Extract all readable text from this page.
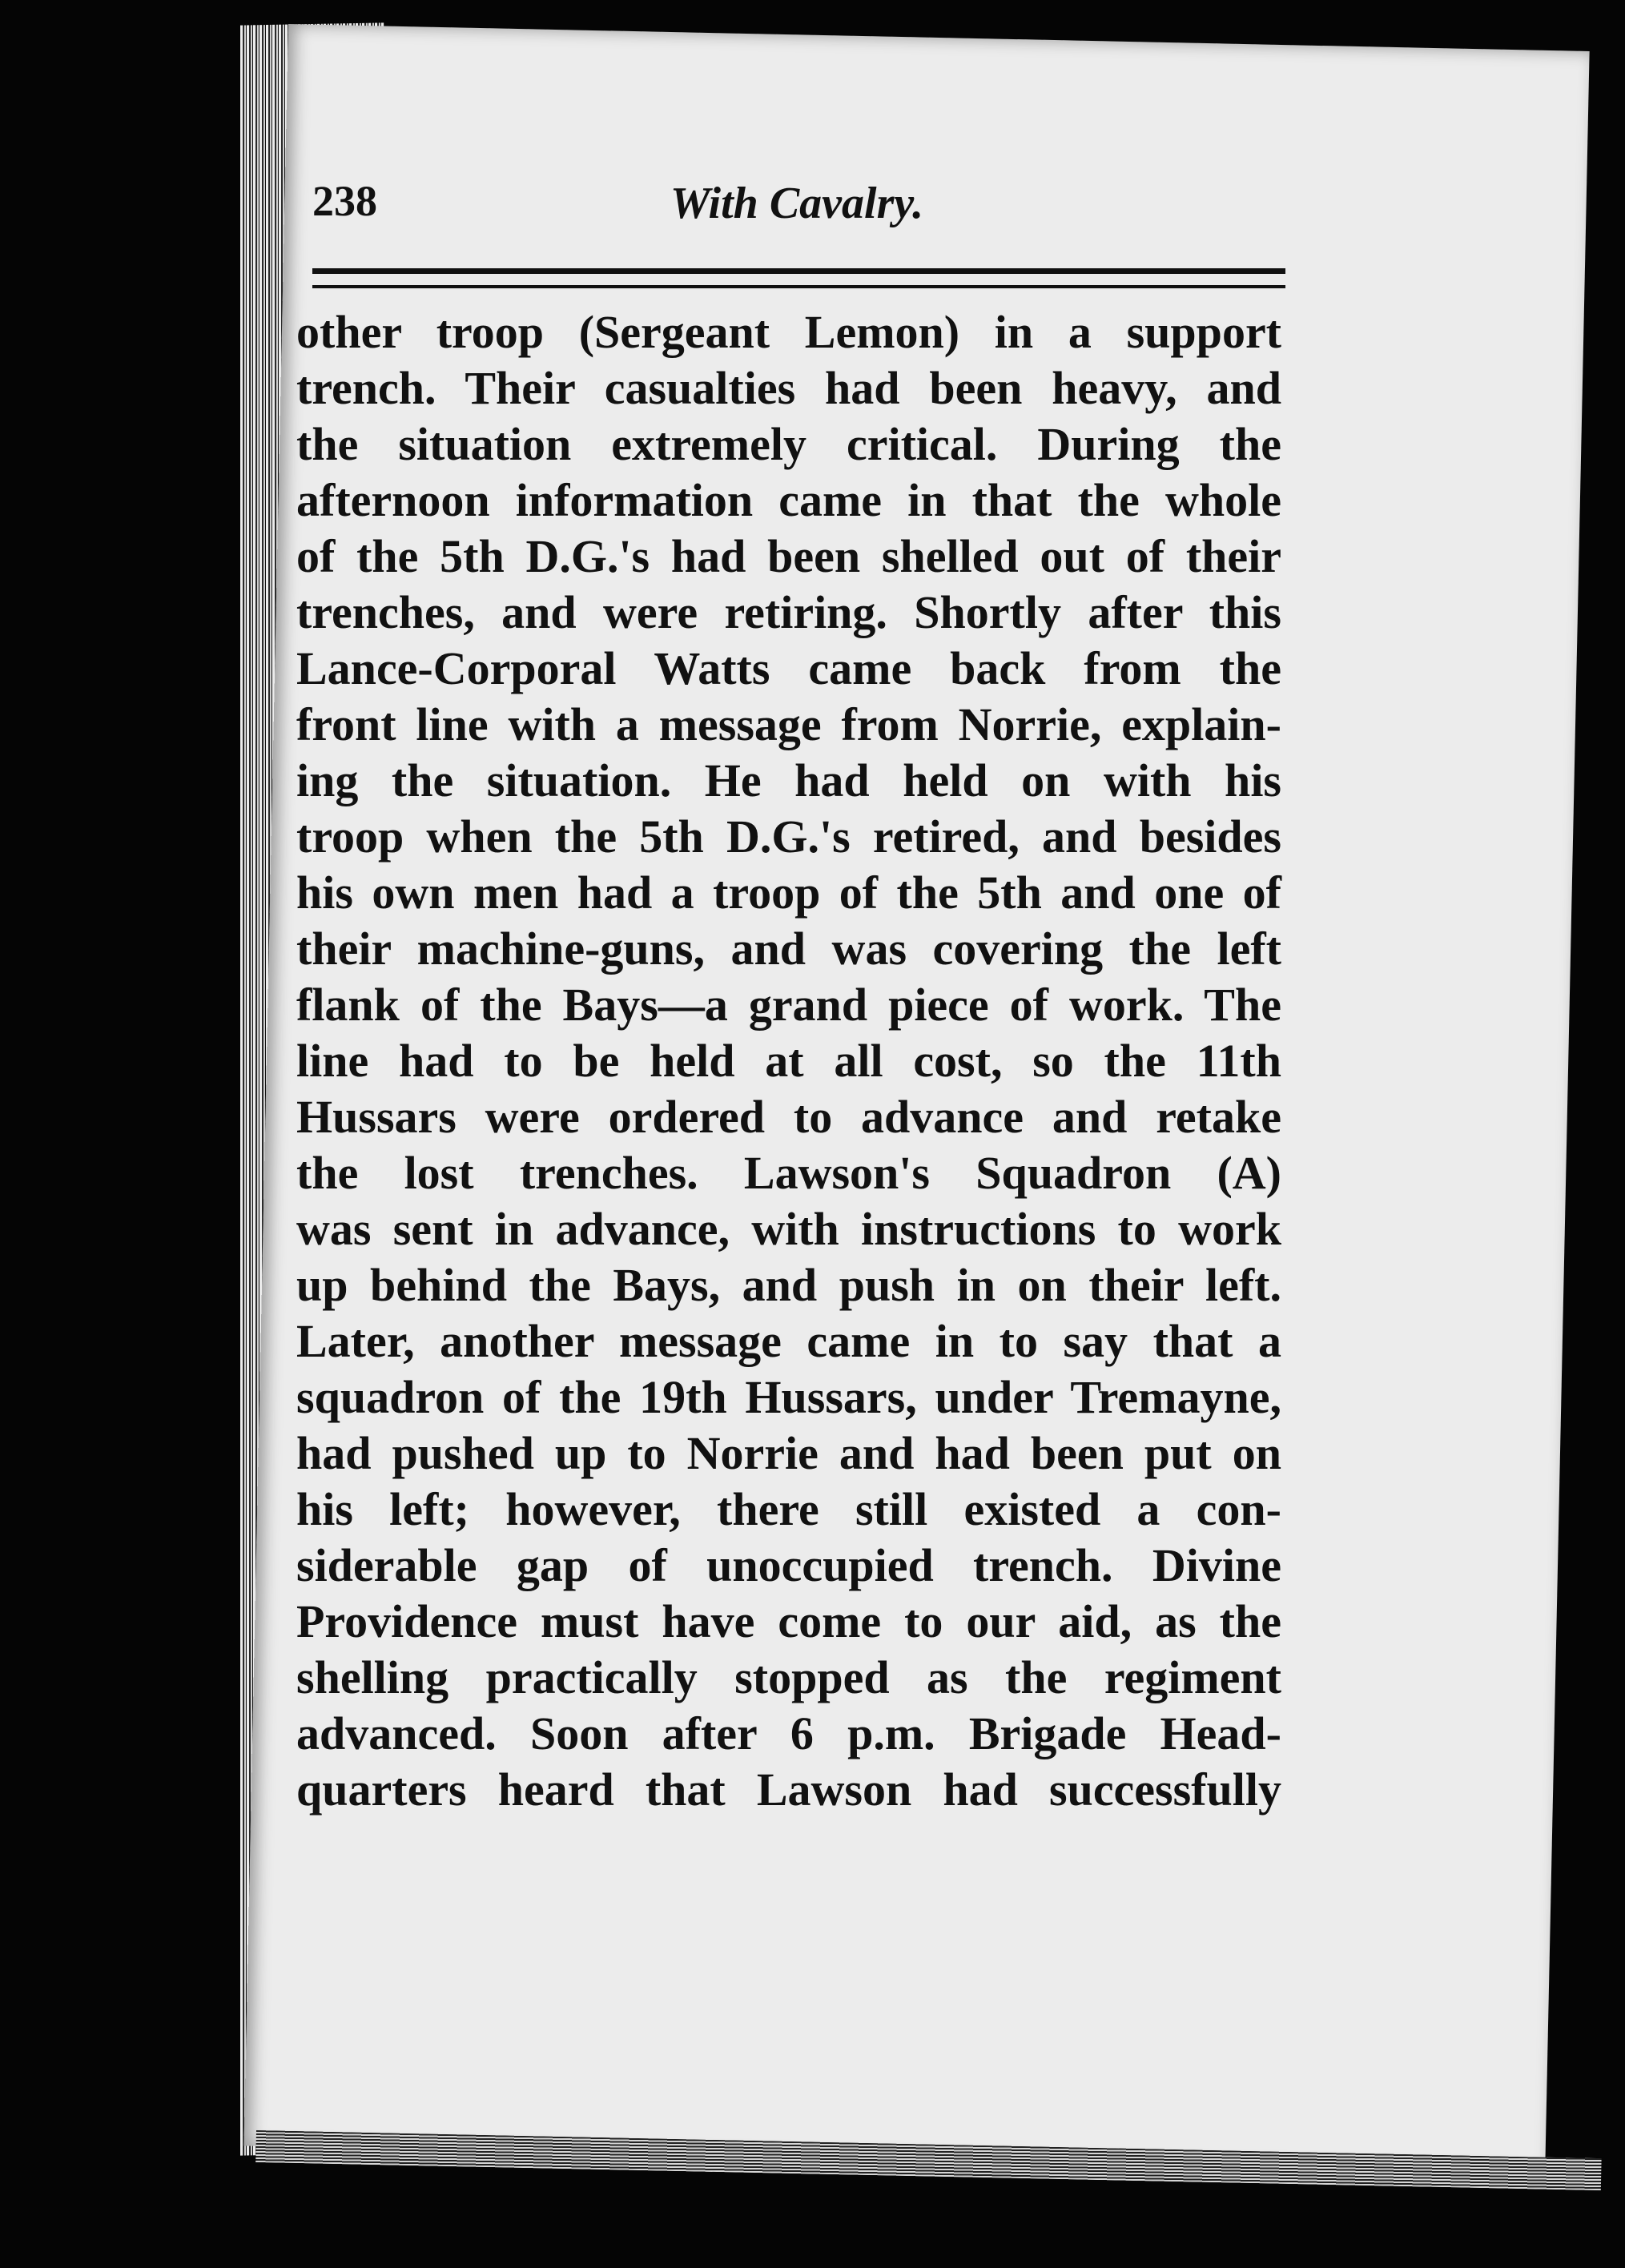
238	With Cavalry.
other troop (Sergeant Lemon) in a support
trench. Their casualties had been heavy, and
the situation extremely critical. During the
afternoon information came in that the whole
of the 5th D.G.'s had been shelled out of their
trenches, and were retiring. Shortly after this
Lance-Corporal Watts came back from the
front line with a message from Norrie, explain-
ing the situation. He had held on with his
troop when the 5th D.G.'s retired, and besides
his own men had a troop of the 5th and one of
their machine-guns, and was covering the left
flank of the Bays—a grand piece of work. The
line had to be held at all cost, so the 11th
Hussars were ordered to advance and retake
the lost trenches. Lawson's Squadron (A)
was sent in advance, with instructions to work
up behind the Bays, and push in on their left.
Later, another message came in to say that a
squadron of the 19th Hussars, under Tremayne,
had pushed up to Norrie and had been put on
his left; however, there still existed a con-
siderable gap of unoccupied trench. Divine
Providence must have come to our aid, as the
shelling practically stopped as the regiment
advanced. Soon after 6 p.m. Brigade Head-
quarters heard that Lawson had successfully
